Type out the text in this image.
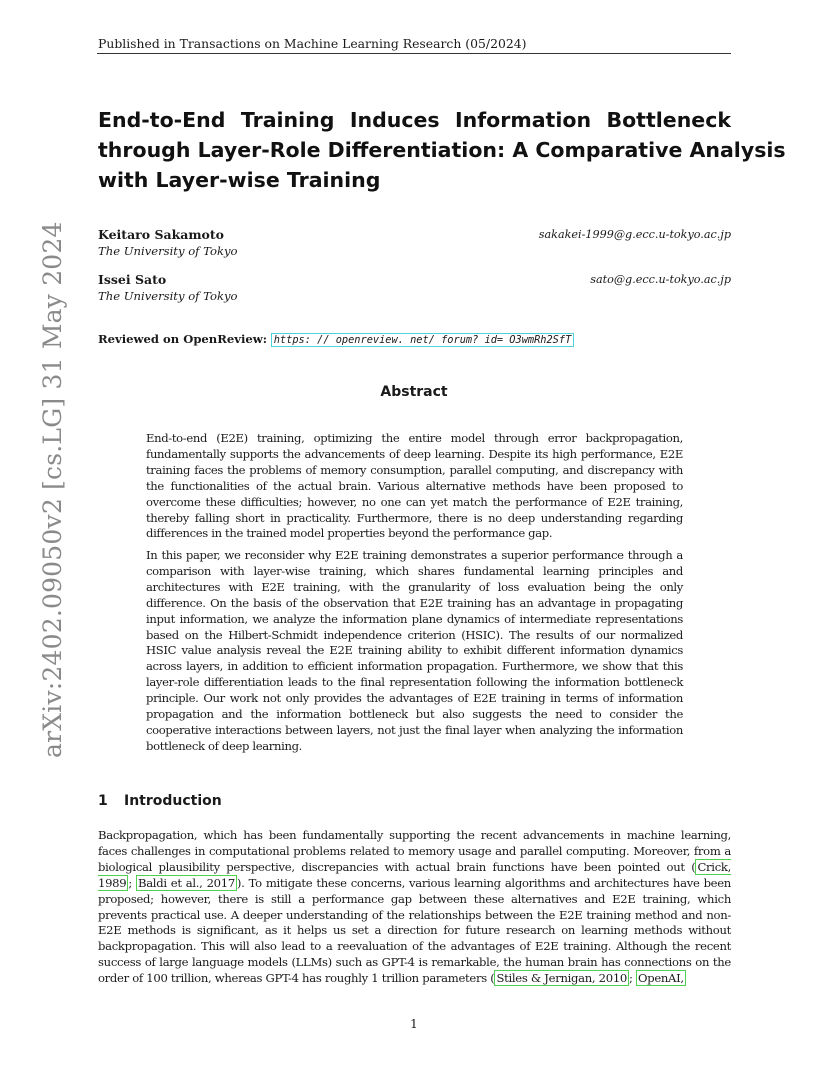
Published in Transactions on Machine Learning Research (05/2024)
End-to-End Training Induces Information Bottleneck
through Layer-Role Differentiation: A Comparative Analysis
with Layer-wise Training
Keitaro Sakamoto
The University of Tokyo
sakakei-1999@g.ecc.u-tokyo.ac.jp
Issei Sato
The University of Tokyo
sato@g.ecc.u-tokyo.ac.jp
Reviewed on OpenReview: https: // openreview. net/ forum? id= O3wmRh2SfT
Abstract

End-to-end (E2E) training, optimizing the entire model through error backpropagation, fundamentally supports the advancements of deep learning. Despite its high performance, E2E training faces the problems of memory consumption, parallel computing, and discrepancy with the functionalities of the actual brain. Various alternative methods have been proposed to overcome these difficulties; however, no one can yet match the performance of E2E training, thereby falling short in practicality. Furthermore, there is no deep understanding regarding differences in the trained model properties beyond the performance gap.

In this paper, we reconsider why E2E training demonstrates a superior performance through a comparison with layer-wise training, which shares fundamental learning principles and architectures with E2E training, with the granularity of loss evaluation being the only difference. On the basis of the observation that E2E training has an advantage in propagating input information, we analyze the information plane dynamics of intermediate representations based on the Hilbert-Schmidt independence criterion (HSIC). The results of our normalized HSIC value analysis reveal the E2E training ability to exhibit different information dynamics across layers, in addition to efficient information propagation. Furthermore, we show that this layer-role differentiation leads to the final representation following the information bottleneck principle. Our work not only provides the advantages of E2E training in terms of information propagation and the information bottleneck but also suggests the need to consider the cooperative interactions between layers, not just the final layer when analyzing the information bottleneck of deep learning.

1 Introduction

Backpropagation, which has been fundamentally supporting the recent advancements in machine learning, faces challenges in computational problems related to memory usage and parallel computing. Moreover, from a biological plausibility perspective, discrepancies with actual brain functions have been pointed out ( Crick, 1989 ; Baldi et al., 2017 ). To mitigate these concerns, various learning algorithms and architectures have been proposed; however, there is still a performance gap between these alternatives and E2E training, which prevents practical use. A deeper understanding of the relationships between the E2E training method and non-E2E methods is significant, as it helps us set a direction for future research on learning methods without backpropagation. This will also lead to a reevaluation of the advantages of E2E training. Although the recent success of large language models (LLMs) such as GPT-4 is remarkable, the human brain has connections on the order of 100 trillion, whereas GPT-4 has roughly 1 trillion parameters ( Stiles & Jernigan, 2010 ; OpenAI,

1
arXiv:2402.09050v2 [cs.LG] 31 May 2024
